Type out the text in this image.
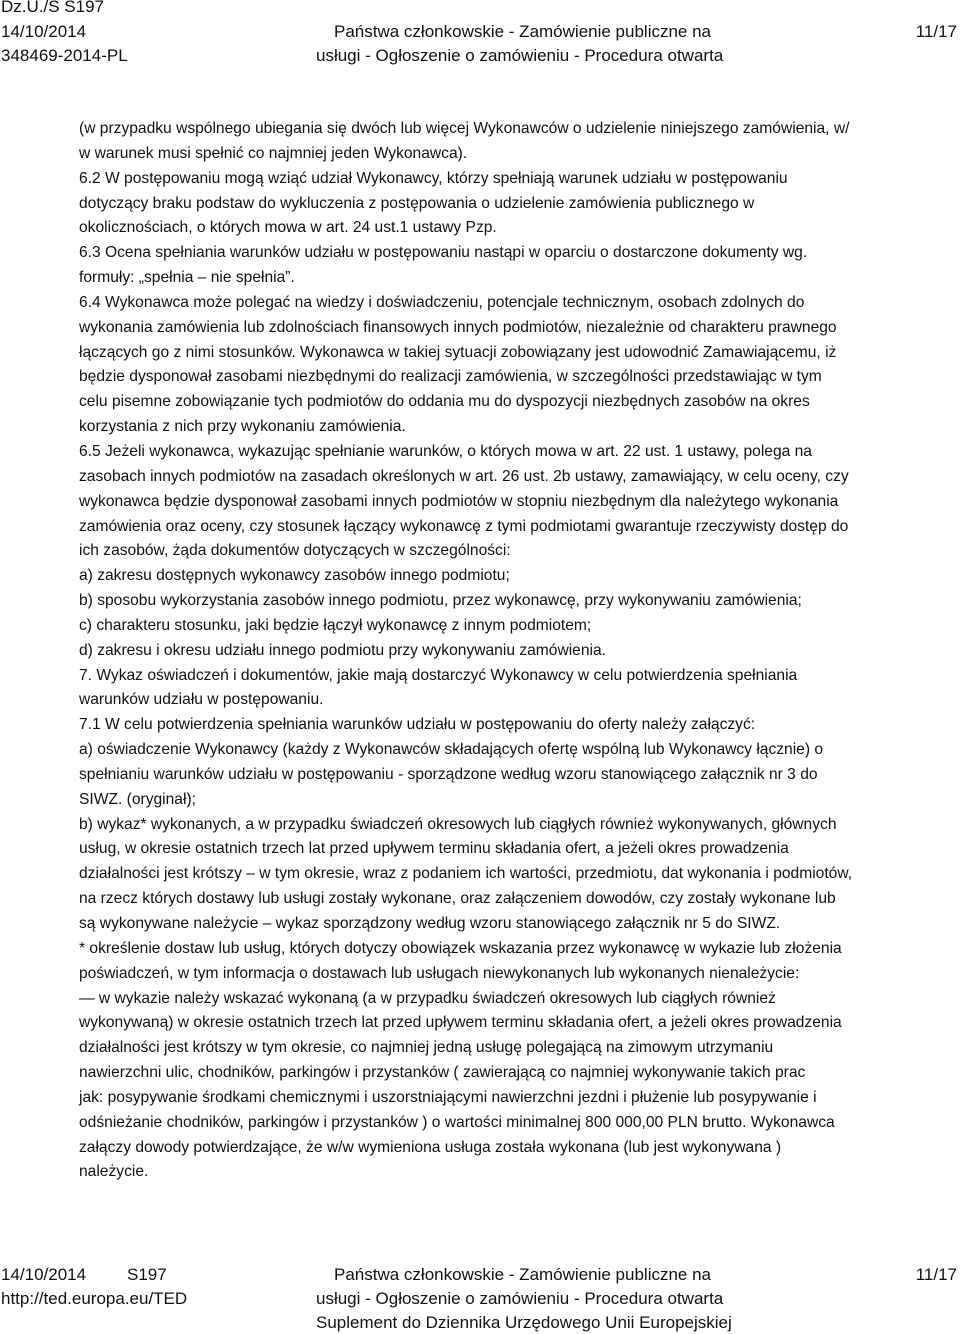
Dz.U./S S197
14/10/2014
348469-2014-PL
Państwa członkowskie - Zamówienie publiczne na
usługi - Ogłoszenie o zamówieniu - Procedura otwarta
11/17

(w przypadku wspólnego ubiegania się dwóch lub więcej Wykonawców o udzielenie niniejszego zamówienia, w/

w warunek musi spełnić co najmniej jeden Wykonawca).

6.2 W postępowaniu mogą wziąć udział Wykonawcy, którzy spełniają warunek udziału w postępowaniu

dotyczący braku podstaw do wykluczenia z postępowania o udzielenie zamówienia publicznego w

okolicznościach, o których mowa w art. 24 ust.1 ustawy Pzp.

6.3 Ocena spełniania warunków udziału w postępowaniu nastąpi w oparciu o dostarczone dokumenty wg.

formuły: „spełnia – nie spełnia”.

6.4 Wykonawca może polegać na wiedzy i doświadczeniu, potencjale technicznym, osobach zdolnych do

wykonania zamówienia lub zdolnościach finansowych innych podmiotów, niezależnie od charakteru prawnego

łączących go z nimi stosunków. Wykonawca w takiej sytuacji zobowiązany jest udowodnić Zamawiającemu, iż

będzie dysponował zasobami niezbędnymi do realizacji zamówienia, w szczególności przedstawiając w tym

celu pisemne zobowiązanie tych podmiotów do oddania mu do dyspozycji niezbędnych zasobów na okres

korzystania z nich przy wykonaniu zamówienia.

6.5 Jeżeli wykonawca, wykazując spełnianie warunków, o których mowa w art. 22 ust. 1 ustawy, polega na

zasobach innych podmiotów na zasadach określonych w art. 26 ust. 2b ustawy, zamawiający, w celu oceny, czy

wykonawca będzie dysponował zasobami innych podmiotów w stopniu niezbędnym dla należytego wykonania

zamówienia oraz oceny, czy stosunek łączący wykonawcę z tymi podmiotami gwarantuje rzeczywisty dostęp do

ich zasobów, żąda dokumentów dotyczących w szczególności:

a) zakresu dostępnych wykonawcy zasobów innego podmiotu;

b) sposobu wykorzystania zasobów innego podmiotu, przez wykonawcę, przy wykonywaniu zamówienia;

c) charakteru stosunku, jaki będzie łączył wykonawcę z innym podmiotem;

d) zakresu i okresu udziału innego podmiotu przy wykonywaniu zamówienia.

7. Wykaz oświadczeń i dokumentów, jakie mają dostarczyć Wykonawcy w celu potwierdzenia spełniania

warunków udziału w postępowaniu.

7.1 W celu potwierdzenia spełniania warunków udziału w postępowaniu do oferty należy załączyć:

a) oświadczenie Wykonawcy (każdy z Wykonawców składających ofertę wspólną lub Wykonawcy łącznie) o

spełnianiu warunków udziału w postępowaniu - sporządzone według wzoru stanowiącego załącznik nr 3 do

SIWZ. (oryginał);

b) wykaz* wykonanych, a w przypadku świadczeń okresowych lub ciągłych również wykonywanych, głównych

usług, w okresie ostatnich trzech lat przed upływem terminu składania ofert, a jeżeli okres prowadzenia

działalności jest krótszy – w tym okresie, wraz z podaniem ich wartości, przedmiotu, dat wykonania i podmiotów,

na rzecz których dostawy lub usługi zostały wykonane, oraz załączeniem dowodów, czy zostały wykonane lub

są wykonywane należycie – wykaz sporządzony według wzoru stanowiącego załącznik nr 5 do SIWZ.

* określenie dostaw lub usług, których dotyczy obowiązek wskazania przez wykonawcę w wykazie lub złożenia

poświadczeń, w tym informacja o dostawach lub usługach niewykonanych lub wykonanych nienależycie:

— w wykazie należy wskazać wykonaną (a w przypadku świadczeń okresowych lub ciągłych również

wykonywaną) w okresie ostatnich trzech lat przed upływem terminu składania ofert, a jeżeli okres prowadzenia

działalności jest krótszy w tym okresie, co najmniej jedną usługę polegającą na zimowym utrzymaniu

nawierzchni ulic, chodników, parkingów i przystanków ( zawierającą co najmniej wykonywanie takich prac

jak: posypywanie środkami chemicznymi i uszorstniającymi nawierzchni jezdni i płużenie lub posypywanie i

odśnieżanie chodników, parkingów i przystanków ) o wartości minimalnej 800 000,00 PLN brutto. Wykonawca

załączy dowody potwierdzające, że w/w wymieniona usługa została wykonana (lub jest wykonywana )

należycie.

14/10/2014 S197
http://ted.europa.eu/TED
Państwa członkowskie - Zamówienie publiczne na
usługi - Ogłoszenie o zamówieniu - Procedura otwarta
Suplement do Dziennika Urzędowego Unii Europejskiej
11/17
